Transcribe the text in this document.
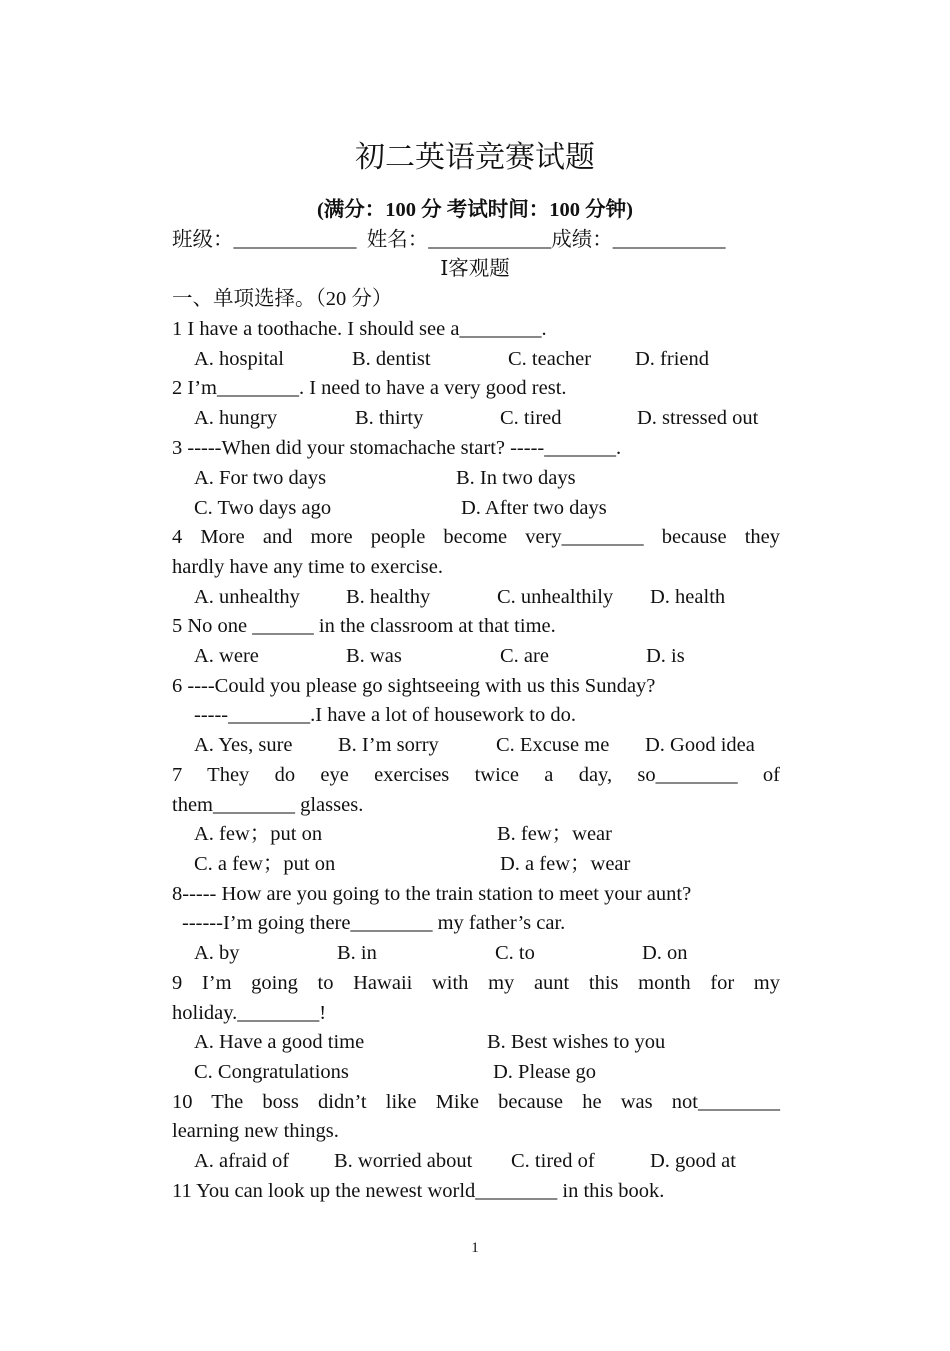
初二英语竞赛试题
(满分：100 分 考试时间：100 分钟)
班级：____________  姓名：____________成绩：___________
Ⅰ客观题
一、单项选择。（20 分）
1 I have a toothache. I should see a________.
A. hospital	B. dentist	C. teacher D. friend
2 I’m________. I need to have a very good rest.
A. hungry	B. thirty	C. tired	D. stressed out
3 -----When did your stomachache start? -----_______.
A. For two days	B. In two days
C. Two days ago	D. After two days
4 More and more people become very________ because they
hardly have any time to exercise.
A. unhealthy B. healthy	C. unhealthily D. health
5 No one ______ in the classroom at that time.
A. were	B. was	C. are	D. is
6 ----Could you please go sightseeing with us this Sunday?
-----________.I have a lot of housework to do.
A. Yes, sure B. I’m sorry	C. Excuse me D. Good idea
7 They do eye exercises twice a day, so________ of
them________ glasses.
A. few；put on	B. few；wear
C. a few；put on	D. a few；wear
8----- How are you going to the train station to meet your aunt?
------I’m going there________ my father’s car.
A. by	B. in	C. to	D. on
9 I’m going to Hawaii with my aunt this month for my
holiday.________!
A. Have a good time	B. Best wishes to you
C. Congratulations	D. Please go
10 The boss didn’t like Mike because he was not________
learning new things.
A. afraid of B. worried about C. tired of	D. good at
11 You can look up the newest world________ in this book.
1
